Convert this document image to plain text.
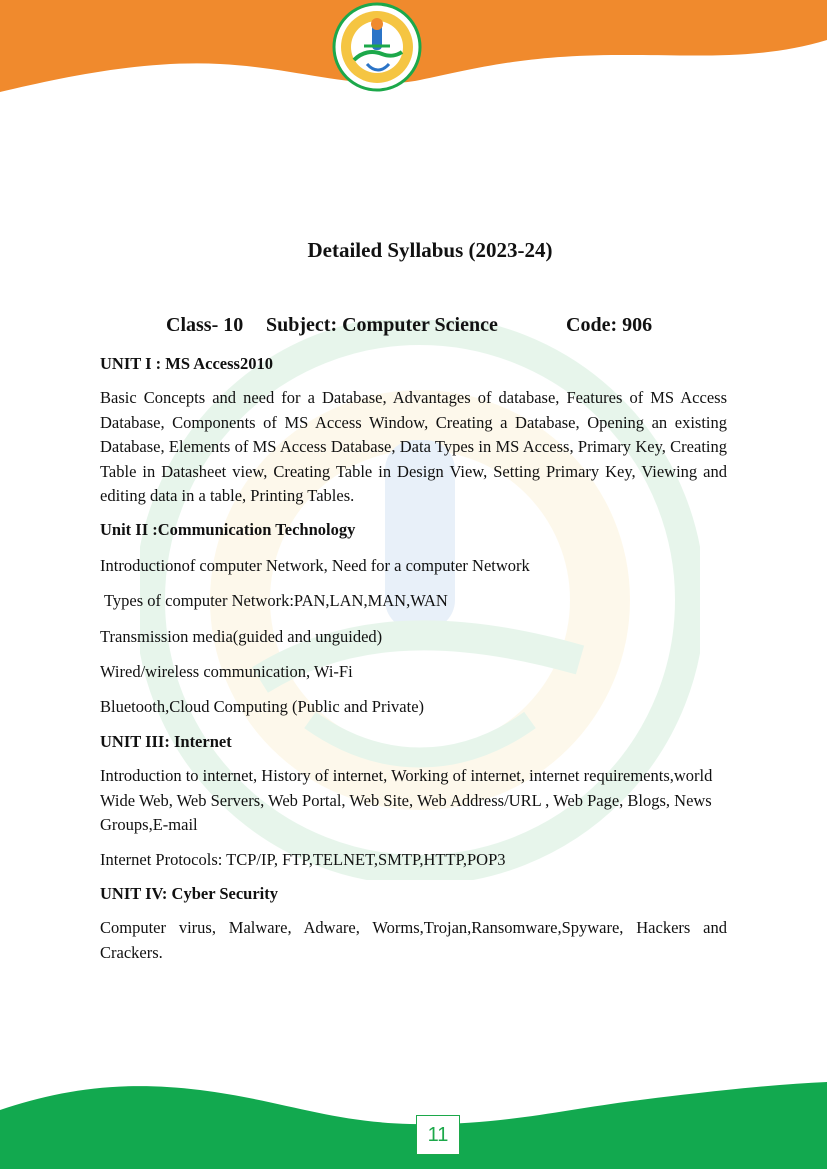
Detailed Syllabus (2023-24)
Class- 10 Subject: Computer Science	Code: 906

UNIT I : MS Access2010

Basic Concepts and need for a Database, Advantages of database, Features of MS Access Database, Components of MS Access Window, Creating a Database, Opening an existing Database, Elements of MS Access Database, Data Types in MS Access, Primary Key, Creating Table in Datasheet view, Creating Table in Design View, Setting Primary Key, Viewing and editing data in a table, Printing Tables.

Unit II :Communication Technology

Introductionof computer Network, Need for a computer Network

Types of computer Network:PAN,LAN,MAN,WAN

Transmission media(guided and unguided)

Wired/wireless communication, Wi-Fi

Bluetooth,Cloud Computing (Public and Private)

UNIT III: Internet

Introduction to internet, History of internet, Working of internet, internet requirements,world Wide Web, Web Servers, Web Portal, Web Site, Web Address/URL , Web Page, Blogs, News Groups,E-mail

Internet Protocols: TCP/IP, FTP,TELNET,SMTP,HTTP,POP3

UNIT IV: Cyber Security

Computer virus, Malware, Adware, Worms,Trojan,Ransomware,Spyware, Hackers and Crackers.

11
